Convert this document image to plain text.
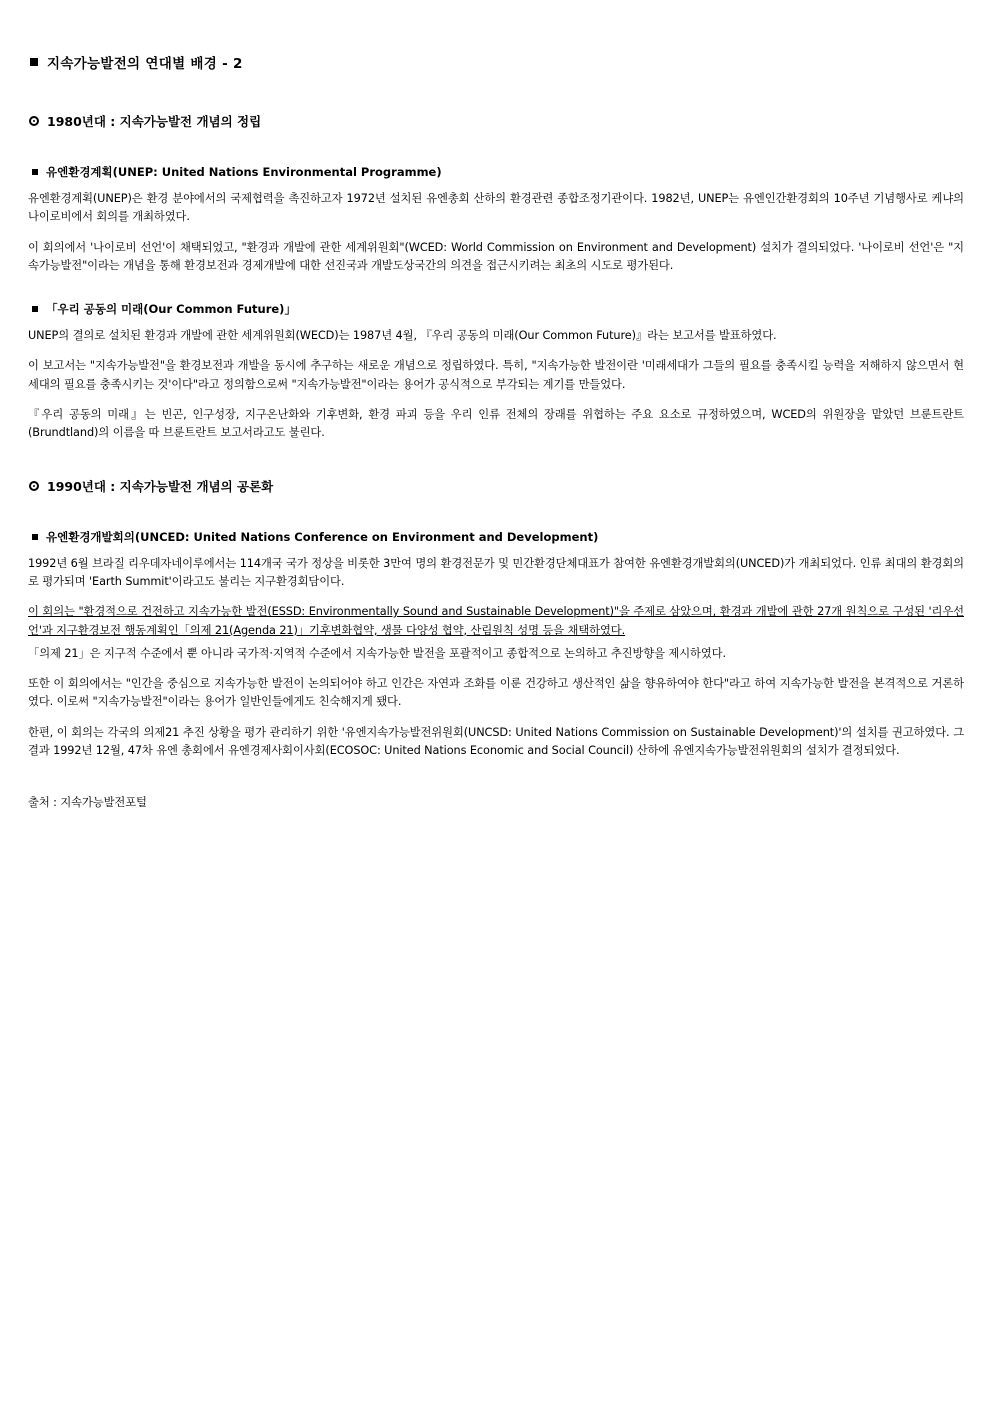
지속가능발전의 연대별 배경 - 2
1980년대 : 지속가능발전 개념의 정립
유엔환경계획(UNEP: United Nations Environmental Programme)

유엔환경계획(UNEP)은 환경 분야에서의 국제협력을 촉진하고자 1972년 설치된 유엔총회 산하의 환경관련 종합조정기관이다. 1982년, UNEP는 유엔인간환경회의 10주년 기념행사로 케냐의 나이로비에서 회의를 개최하였다.

이 회의에서 '나이로비 선언'이 채택되었고, "환경과 개발에 관한 세계위원회"(WCED: World Commission on Environment and Development) 설치가 결의되었다. '나이로비 선언'은 "지속가능발전"이라는 개념을 통해 환경보전과 경제개발에 대한 선진국과 개발도상국간의 의견을 접근시키려는 최초의 시도로 평가된다.

「우리 공동의 미래(Our Common Future)」

UNEP의 결의로 설치된 환경과 개발에 관한 세계위원회(WECD)는 1987년 4월, 『우리 공동의 미래(Our Common Future)』라는 보고서를 발표하였다.

이 보고서는 "지속가능발전"을 환경보전과 개발을 동시에 추구하는 새로운 개념으로 정립하였다. 특히, "지속가능한 발전이란 '미래세대가 그들의 필요를 충족시킬 능력을 저해하지 않으면서 현세대의 필요를 충족시키는 것'이다"라고 정의함으로써 "지속가능발전"이라는 용어가 공식적으로 부각되는 계기를 만들었다.

『우리 공동의 미래』는 빈곤, 인구성장, 지구온난화와 기후변화, 환경 파괴 등을 우리 인류 전체의 장래를 위협하는 주요 요소로 규정하였으며, WCED의 위원장을 맡았던 브룬트란트(Brundtland)의 이름을 따 브룬트란트 보고서라고도 불린다.

1990년대 : 지속가능발전 개념의 공론화
유엔환경개발회의(UNCED: United Nations Conference on Environment and Development)

1992년 6월 브라질 리우데자네이루에서는 114개국 국가 정상을 비롯한 3만여 명의 환경전문가 및 민간환경단체대표가 참여한 유엔환경개발회의(UNCED)가 개최되었다. 인류 최대의 환경회의로 평가되며 'Earth Summit'이라고도 불리는 지구환경회담이다.

이 회의는 "환경적으로 건전하고 지속가능한 발전(ESSD: Environmentally Sound and Sustainable Development)"을 주제로 삼았으며, 환경과 개발에 관한 27개 원칙으로 구성된 '리우선언'과 지구환경보전 행동계획인「의제 21(Agenda 21)」기후변화협약, 생물 다양성 협약, 산림원칙 성명 등을 채택하였다.

「의제 21」은 지구적 수준에서 뿐 아니라 국가적·지역적 수준에서 지속가능한 발전을 포괄적이고 종합적으로 논의하고 추진방향을 제시하였다.

또한 이 회의에서는 "인간을 중심으로 지속가능한 발전이 논의되어야 하고 인간은 자연과 조화를 이룬 건강하고 생산적인 삶을 향유하여야 한다"라고 하여 지속가능한 발전을 본격적으로 거론하였다. 이로써 "지속가능발전"이라는 용어가 일반인들에게도 친숙해지게 됐다.

한편, 이 회의는 각국의 의제21 추진 상황을 평가 관리하기 위한 '유엔지속가능발전위원회(UNCSD: United Nations Commission on Sustainable Development)'의 설치를 권고하였다. 그 결과 1992년 12월, 47차 유엔 총회에서 유엔경제사회이사회(ECOSOC: United Nations Economic and Social Council) 산하에 유엔지속가능발전위원회의 설치가 결정되었다.

출처 : 지속가능발전포털
